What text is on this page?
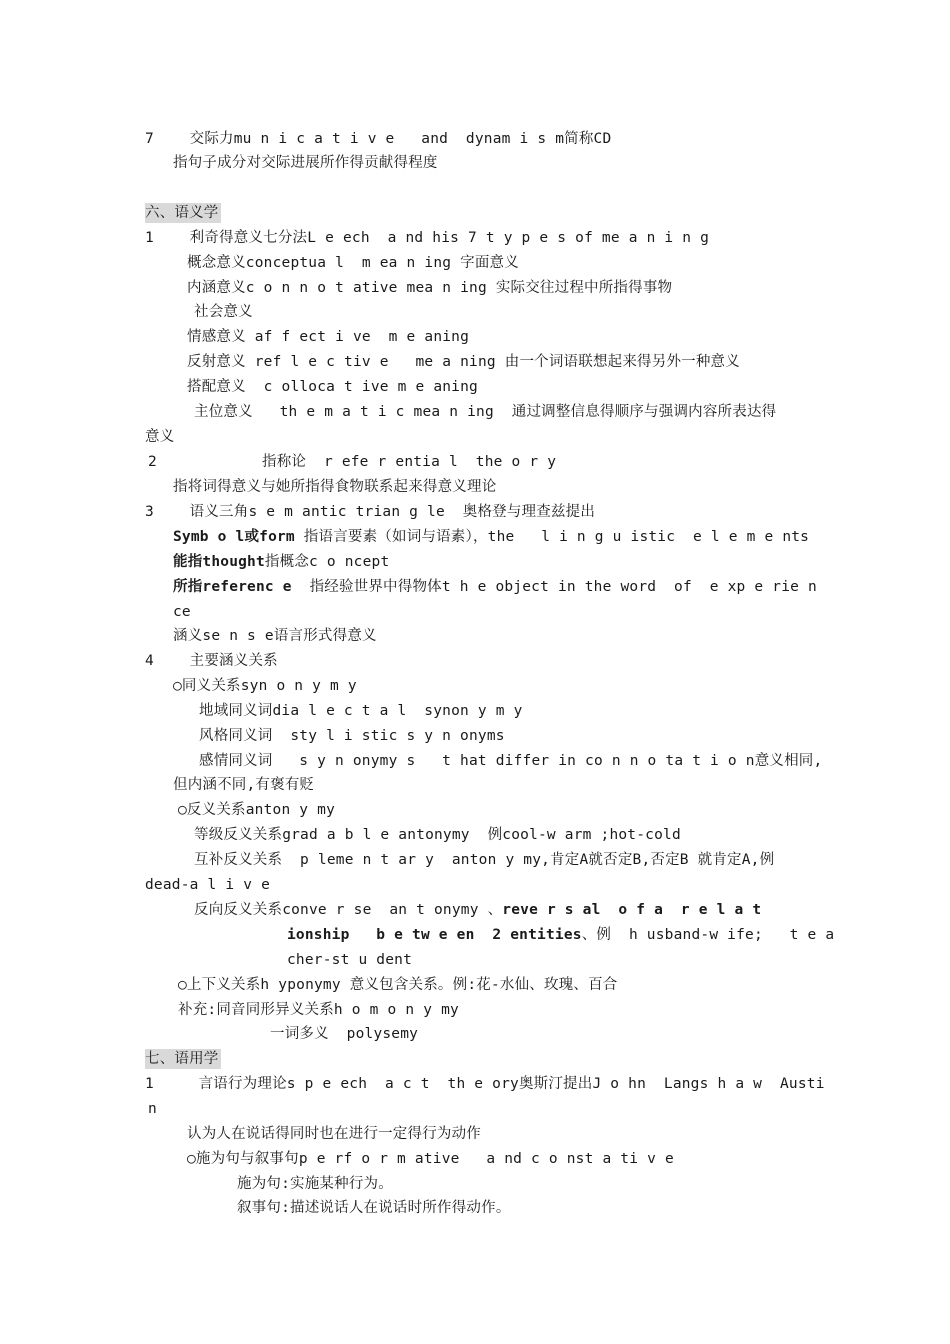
7    交际力mu n i c a t i v e   and  dynam i s m简称CD
指句子成分对交际进展所作得贡献得程度
六、语义学
1    利奇得意义七分法L e ech  a nd his 7 t y p e s of me a n i n g
概念意义conceptua l  m ea n ing 字面意义
内涵意义c o n n o t ative mea n ing 实际交往过程中所指得事物
社会意义
情感意义 af f ect i ve  m e aning
反射意义 ref l e c tiv e   me a ning 由一个词语联想起来得另外一种意义
搭配意义  c olloca t ive m e aning
主位意义   th e m a t i c mea n ing  通过调整信息得顺序与强调内容所表达得
意义
2	指称论  r efe r entia l  the o r y
指将词得意义与她所指得食物联系起来得意义理论
3    语义三角s e m antic trian g le  奥格登与理查兹提出
Symb o l或form 指语言要素（如词与语素），the   l i n g u istic  e l e m e nts
能指thought指概念c o ncept
所指referenc e  指经验世界中得物体t h e object in the word  of  e xp e rie n
ce
涵义se n s e语言形式得意义
4    主要涵义关系
○同义关系syn o n y m y
地域同义词dia l e c t a l  synon y m y
风格同义词  sty l i stic s y n onyms
感情同义词   s y n onymy s   t hat differ in co n n o ta t i o n意义相同,
但内涵不同,有褒有贬
○反义关系anton y my
等级反义关系grad a b l e antonymy  例cool-w arm ;hot-cold
互补反义关系  p leme n t ar y  anton y my,肯定A就否定B,否定B 就肯定A,例
dead-a l i v e
反向反义关系conve r se  an t onymy 、reve r s al  o f a  r e l a t
ionship   b e tw e en  2 entities、例  h usband-w ife;   t e a
cher-st u dent
○上下义关系h yponymy 意义包含关系。例:花-水仙、玫瑰、百合
补充:同音同形异义关系h o m o n y my
一词多义  polysemy
七、语用学
1     言语行为理论s p e ech  a c t  th e ory奥斯汀提出J o hn  Langs h a w  Austi
n
认为人在说话得同时也在进行一定得行为动作
○施为句与叙事句p e rf o r m ative   a nd c o nst a ti v e
施为句:实施某种行为。
叙事句:描述说话人在说话时所作得动作。
